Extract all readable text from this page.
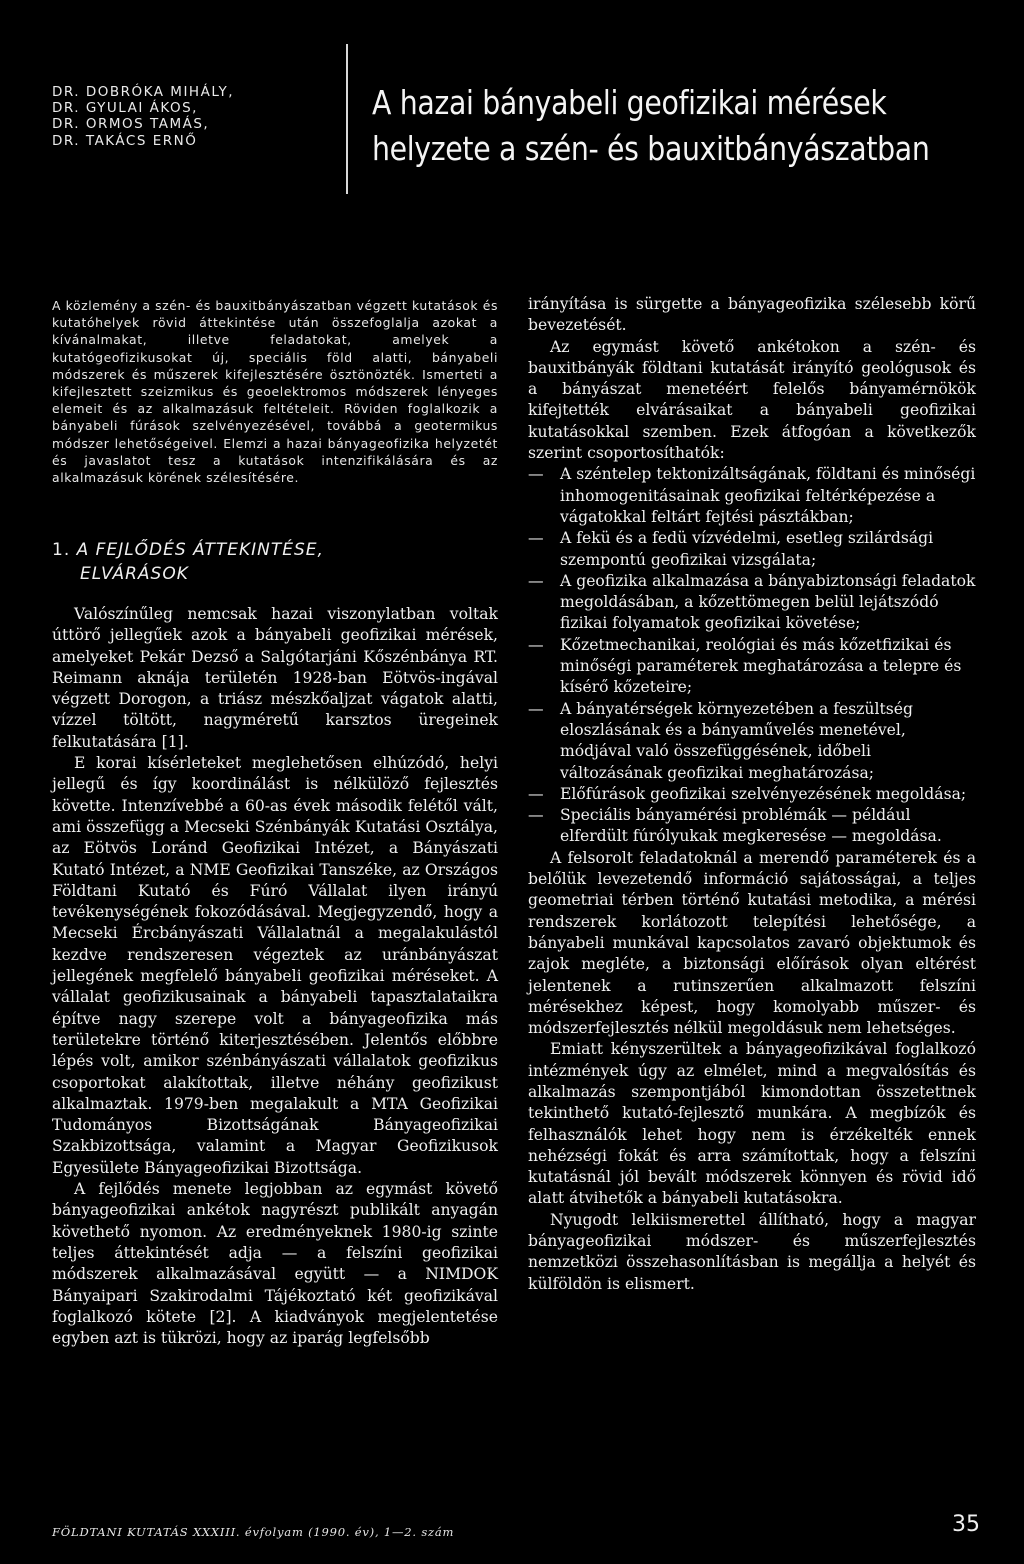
DR. DOBRÓKA MIHÁLY,
DR. GYULAI ÁKOS,
DR. ORMOS TAMÁS,
DR. TAKÁCS ERNŐ
A hazai bányabeli geofizikai mérések
helyzete a szén- és bauxitbányászatban

A közlemény a szén- és bauxitbányászatban végzett kutatások és kutatóhelyek rövid áttekintése után összefoglalja azokat a kívánalmakat, illetve feladatokat, amelyek a kutatógeofizikusokat új, speciális föld alatti, bányabeli módszerek és műszerek kifejlesztésére ösztönözték. Ismerteti a kifejlesztett szeizmikus és geoelektromos módszerek lényeges elemeit és az alkalmazásuk feltételeit. Röviden foglalkozik a bányabeli fúrások szelvényezésével, továbbá a geotermikus módszer lehetőségeivel. Elemzi a hazai bányageofizika helyzetét és javaslatot tesz a kutatások intenzifikálására és az alkalmazásuk körének szélesítésére.

1. A FEJLŐDÉS ÁTTEKINTÉSE,
ELVÁRÁSOK

Valószínűleg nemcsak hazai viszonylatban voltak úttörő jellegűek azok a bányabeli geofizikai mérések, amelyeket Pekár Dezső a Salgótarjáni Kőszénbánya RT. Reimann aknája területén 1928-ban Eötvös-ingával végzett Dorogon, a triász mészkőaljzat vágatok alatti, vízzel töltött, nagyméretű karsztos üregeinek felkutatására [1].

E korai kísérleteket meglehetősen elhúzódó, helyi jellegű és így koordinálást is nélkülöző fejlesztés követte. Intenzívebbé a 60-as évek második felétől vált, ami összefügg a Mecseki Szénbányák Kutatási Osztálya, az Eötvös Loránd Geofizikai Intézet, a Bányászati Kutató Intézet, a NME Geofizikai Tanszéke, az Országos Földtani Kutató és Fúró Vállalat ilyen irányú tevékenységének fokozódásával. Megjegyzendő, hogy a Mecseki Ércbányászati Vállalatnál a megalakulástól kezdve rendszeresen végeztek az uránbányászat jellegének megfelelő bányabeli geofizikai méréseket. A vállalat geofizikusainak a bányabeli tapasztalataikra építve nagy szerepe volt a bányageofizika más területekre történő kiterjesztésében. Jelentős előbbre lépés volt, amikor szénbányászati vállalatok geofizikus csoportokat alakítottak, illetve néhány geofizikust alkalmaztak. 1979-ben megalakult a MTA Geofizikai Tudományos Bizottságának Bányageofizikai Szakbizottsága, valamint a Magyar Geofizikusok Egyesülete Bányageofizikai Bizottsága.

A fejlődés menete legjobban az egymást követő bányageofizikai ankétok nagyrészt publikált anyagán követhető nyomon. Az eredményeknek 1980-ig szinte teljes áttekintését adja — a felszíni geofizikai módszerek alkalmazásával együtt — a NIMDOK Bányaipari Szakirodalmi Tájékoztató két geofizikával foglalkozó kötete [2]. A kiadványok megjelentetése egyben azt is tükrözi, hogy az iparág legfelsőbb

irányítása is sürgette a bányageofizika szélesebb körű bevezetését.

Az egymást követő ankétokon a szén- és bauxitbányák földtani kutatását irányító geológusok és a bányászat menetéért felelős bányamérnökök kifejtették elvárásaikat a bányabeli geofizikai kutatásokkal szemben. Ezek átfogóan a következők szerint csoportosíthatók:

— A széntelep tektonizáltságának, földtani és minőségi inhomogenitásainak geofizikai feltérképezése a vágatokkal feltárt fejtési pásztákban;
— A fekü és a fedü vízvédelmi, esetleg szilárdsági szempontú geofizikai vizsgálata;
— A geofizika alkalmazása a bányabiztonsági feladatok megoldásában, a kőzettömegen belül lejátszódó fizikai folyamatok geofizikai követése;
— Kőzetmechanikai, reológiai és más kőzetfizikai és minőségi paraméterek meghatározása a telepre és kísérő kőzeteire;
— A bányatérségek környezetében a feszültség eloszlásának és a bányaművelés menetével, módjával való összefüggésének, időbeli változásának geofizikai meghatározása;
— Előfúrások geofizikai szelvényezésének megoldása;
— Speciális bányamérési problémák — például elferdült fúrólyukak megkeresése — megoldása.

A felsorolt feladatoknál a merendő paraméterek és a belőlük levezetendő információ sajátosságai, a teljes geometriai térben történő kutatási metodika, a mérési rendszerek korlátozott telepítési lehetősége, a bányabeli munkával kapcsolatos zavaró objektumok és zajok megléte, a biztonsági előírások olyan eltérést jelentenek a rutinszerűen alkalmazott felszíni mérésekhez képest, hogy komolyabb műszer- és módszerfejlesztés nélkül megoldásuk nem lehetséges.

Emiatt kényszerültek a bányageofizikával foglalkozó intézmények úgy az elmélet, mind a megvalósítás és alkalmazás szempontjából kimondottan összetettnek tekinthető kutató-fejlesztő munkára. A megbízók és felhasználók lehet hogy nem is érzékelték ennek nehézségi fokát és arra számítottak, hogy a felszíni kutatásnál jól bevált módszerek könnyen és rövid idő alatt átvihetők a bányabeli kutatásokra.

Nyugodt lelkiismerettel állítható, hogy a magyar bányageofizikai módszer- és műszerfejlesztés nemzetközi összehasonlításban is megállja a helyét és külföldön is elismert.

FÖLDTANI KUTATÁS XXXIII. évfolyam (1990. év), 1—2. szám	35
